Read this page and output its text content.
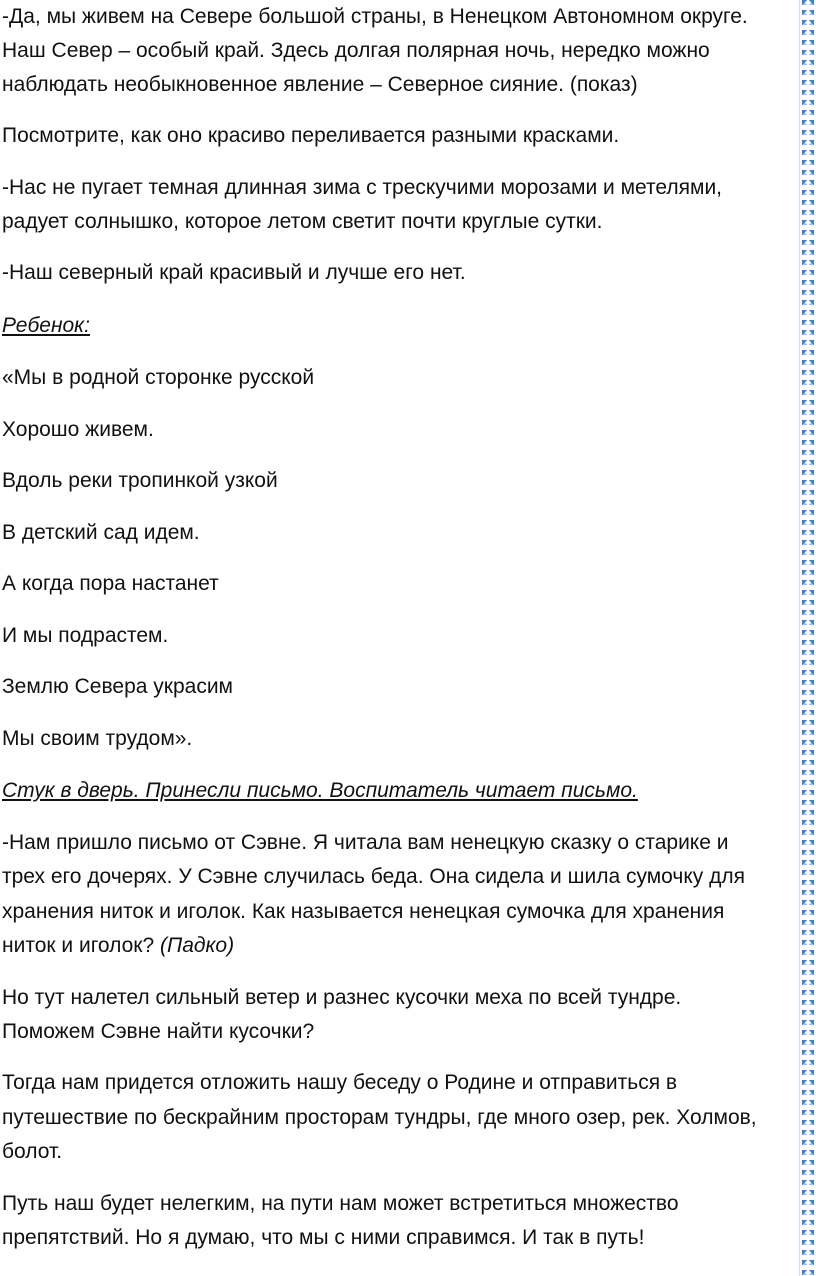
-Да, мы живем на Севере большой страны, в Ненецком Автономном округе.

Наш Север – особый край. Здесь долгая полярная ночь, нередко можно

наблюдать необыкновенное явление – Северное сияние. (показ)

Посмотрите, как оно красиво переливается разными красками.

-Нас не пугает темная длинная зима с трескучими морозами и метелями,

радует солнышко, которое летом светит почти круглые сутки.

-Наш северный край красивый и лучше его нет.

Ребенок:

«Мы в родной сторонке русской

Хорошо живем.

Вдоль реки тропинкой узкой

В детский сад идем.

А когда пора настанет

И мы подрастем.

Землю Севера украсим

Мы своим трудом».

Стук в дверь. Принесли письмо. Воспитатель читает письмо.

-Нам пришло письмо от Сэвне. Я читала вам ненецкую сказку о старике и

трех его дочерях. У Сэвне случилась беда. Она сидела и шила сумочку для

хранения ниток и иголок. Как называется ненецкая сумочка для хранения

ниток и иголок? (Падко)

Но тут налетел сильный ветер и разнес кусочки меха по всей тундре.

Поможем Сэвне найти кусочки?

Тогда нам придется отложить нашу беседу о Родине и отправиться в

путешествие по бескрайним просторам тундры, где много озер, рек. Холмов,

болот.

Путь наш будет нелегким, на пути нам может встретиться множество

препятствий. Но я думаю, что мы с ними справимся. И так в путь!
